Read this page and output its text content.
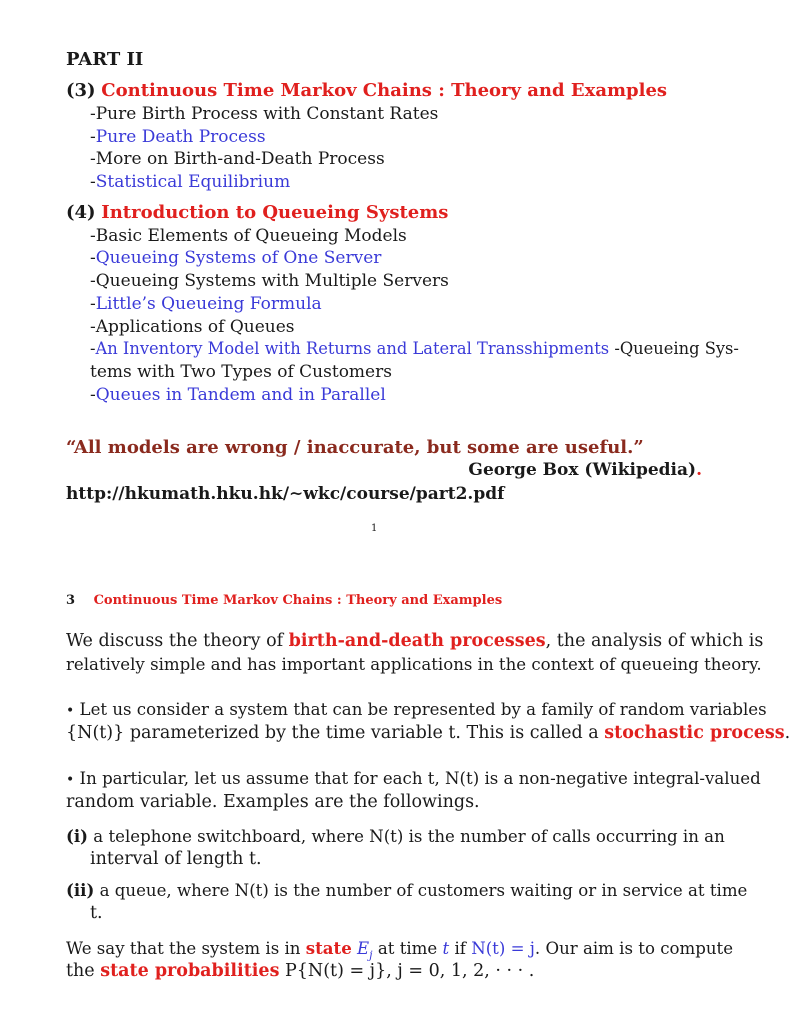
PART II
(3) Continuous Time Markov Chains : Theory and Examples
-Pure Birth Process with Constant Rates
-Pure Death Process
-More on Birth-and-Death Process
-Statistical Equilibrium
(4) Introduction to Queueing Systems
-Basic Elements of Queueing Models
-Queueing Systems of One Server
-Queueing Systems with Multiple Servers
-Little’s Queueing Formula
-Applications of Queues
-An Inventory Model with Returns and Lateral Transshipments -Queueing Sys-
tems with Two Types of Customers
-Queues in Tandem and in Parallel
“All models are wrong / inaccurate, but some are useful.”
George Box (Wikipedia).
http://hkumath.hku.hk/∼wkc/course/part2.pdf
1
3 Continuous Time Markov Chains : Theory and Examples
We discuss the theory of birth-and-death processes, the analysis of which is
relatively simple and has important applications in the context of queueing theory.
• Let us consider a system that can be represented by a family of random variables
{N(t)} parameterized by the time variable t. This is called a stochastic process.
• In particular, let us assume that for each t, N(t) is a non-negative integral-valued
random variable. Examples are the followings.
(i) a telephone switchboard, where N(t) is the number of calls occurring in an
interval of length t.
(ii) a queue, where N(t) is the number of customers waiting or in service at time
t.
We say that the system is in state $E_j$ at time t if N(t) = j. Our aim is to compute
the state probabilities P{N(t) = j}, j = 0, 1, 2, · · · .
